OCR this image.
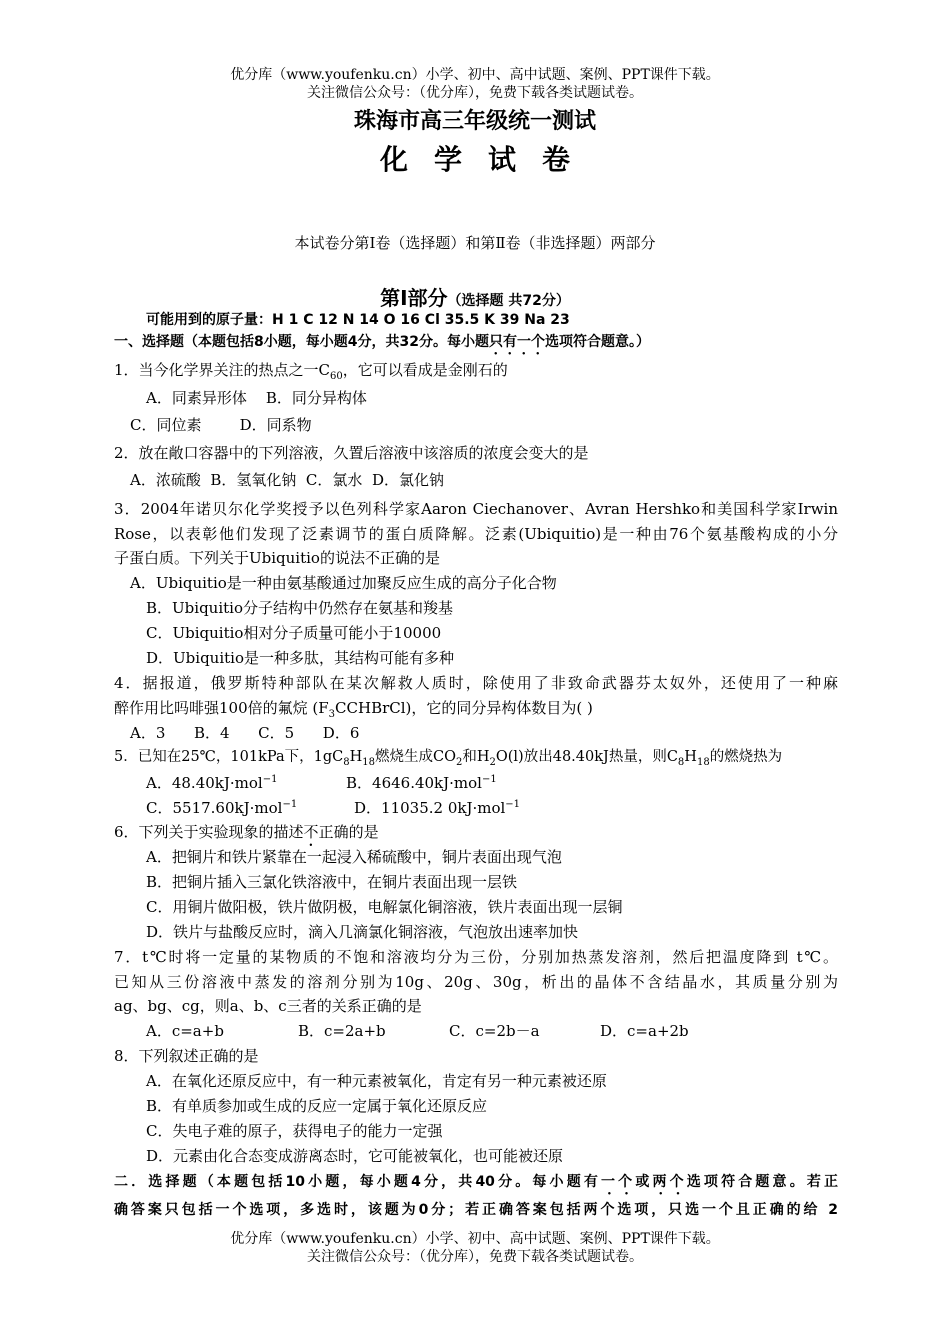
优分库（www.youfenku.cn）小学、初中、高中试题、案例、PPT课件下载。
关注微信公众号：（优分库），免费下载各类试题试卷。
珠海市高三年级统一测试
化学试卷
本试卷分第Ⅰ卷（选择题）和第Ⅱ卷（非选择题）两部分
第Ⅰ部分（选择题 共72分）
可能用到的原子量：H 1 C 12 N 14 O 16 Cl 35.5 K 39 Na 23
一、选择题（本题包括8小题，每小题4分，共32分。每小题只有一个选项符合题意。）
1．当今化学界关注的热点之一$C_{60}$，它可以看成是金刚石的
A．同素异形体    B．同分异构体
C．同位素        D．同系物
2．放在敞口容器中的下列溶液，久置后溶液中该溶质的浓度会变大的是
A．浓硫酸  B．氢氧化钠  C．氯水  D．氯化钠
3．2004年诺贝尔化学奖授予以色列科学家Aaron Ciechanover、Avran Hershko和美国科学家Irwin
Rose，以表彰他们发现了泛素调节的蛋白质降解。泛素(Ubiquitio)是一种由76个氨基酸构成的小分
子蛋白质。下列关于Ubiquitio的说法不正确的是
A．Ubiquitio是一种由氨基酸通过加聚反应生成的高分子化合物
B．Ubiquitio分子结构中仍然存在氨基和羧基
C．Ubiquitio相对分子质量可能小于10000
D．Ubiquitio是一种多肽，其结构可能有多种
4．据报道，俄罗斯特种部队在某次解救人质时，除使用了非致命武器芬太奴外，还使用了一种麻
醉作用比吗啡强100倍的氟烷 $(F_3CCHBrCl)$，它的同分异构体数目为( )
A．3      B．4      C．5      D．6
5．已知在25℃，101kPa下，$1gC_8H_{18}$燃烧生成$CO_2$和$H_2O(l)$放出48.40kJ热量，则$C_8H_{18}$的燃烧热为
A．48.40kJ·mol$^{-1}$	B．4646.40kJ·mol$^{-1}$
C．5517.60kJ·mol$^{-1}$	D．11035.2 0kJ·mol$^{-1}$
6．下列关于实验现象的描述不正确的是
A．把铜片和铁片紧靠在一起浸入稀硫酸中，铜片表面出现气泡
B．把铜片插入三氯化铁溶液中，在铜片表面出现一层铁
C．用铜片做阳极，铁片做阴极，电解氯化铜溶液，铁片表面出现一层铜
D．铁片与盐酸反应时，滴入几滴氯化铜溶液，气泡放出速率加快
7．t℃时将一定量的某物质的不饱和溶液均分为三份，分别加热蒸发溶剂，然后把温度降到 t℃。
已知从三份溶液中蒸发的溶剂分别为10g、20g、30g，析出的晶体不含结晶水，其质量分别为
ag、bg、cg，则a、b、c三者的关系正确的是
A．c=a+b	B．c=2a+b	C．c=2b－a	D．c=a+2b
8．下列叙述正确的是
A．在氧化还原反应中，有一种元素被氧化，肯定有另一种元素被还原
B．有单质参加或生成的反应一定属于氧化还原反应
C．失电子难的原子，获得电子的能力一定强
D．元素由化合态变成游离态时，它可能被氧化，也可能被还原
二．选择题（本题包括10小题，每小题4分，共40分。每小题有一个或两个选项符合题意。若正
确答案只包括一个选项，多选时，该题为0分；若正确答案包括两个选项，只选一个且正确的给 2
优分库（www.youfenku.cn）小学、初中、高中试题、案例、PPT课件下载。
关注微信公众号：（优分库），免费下载各类试题试卷。
